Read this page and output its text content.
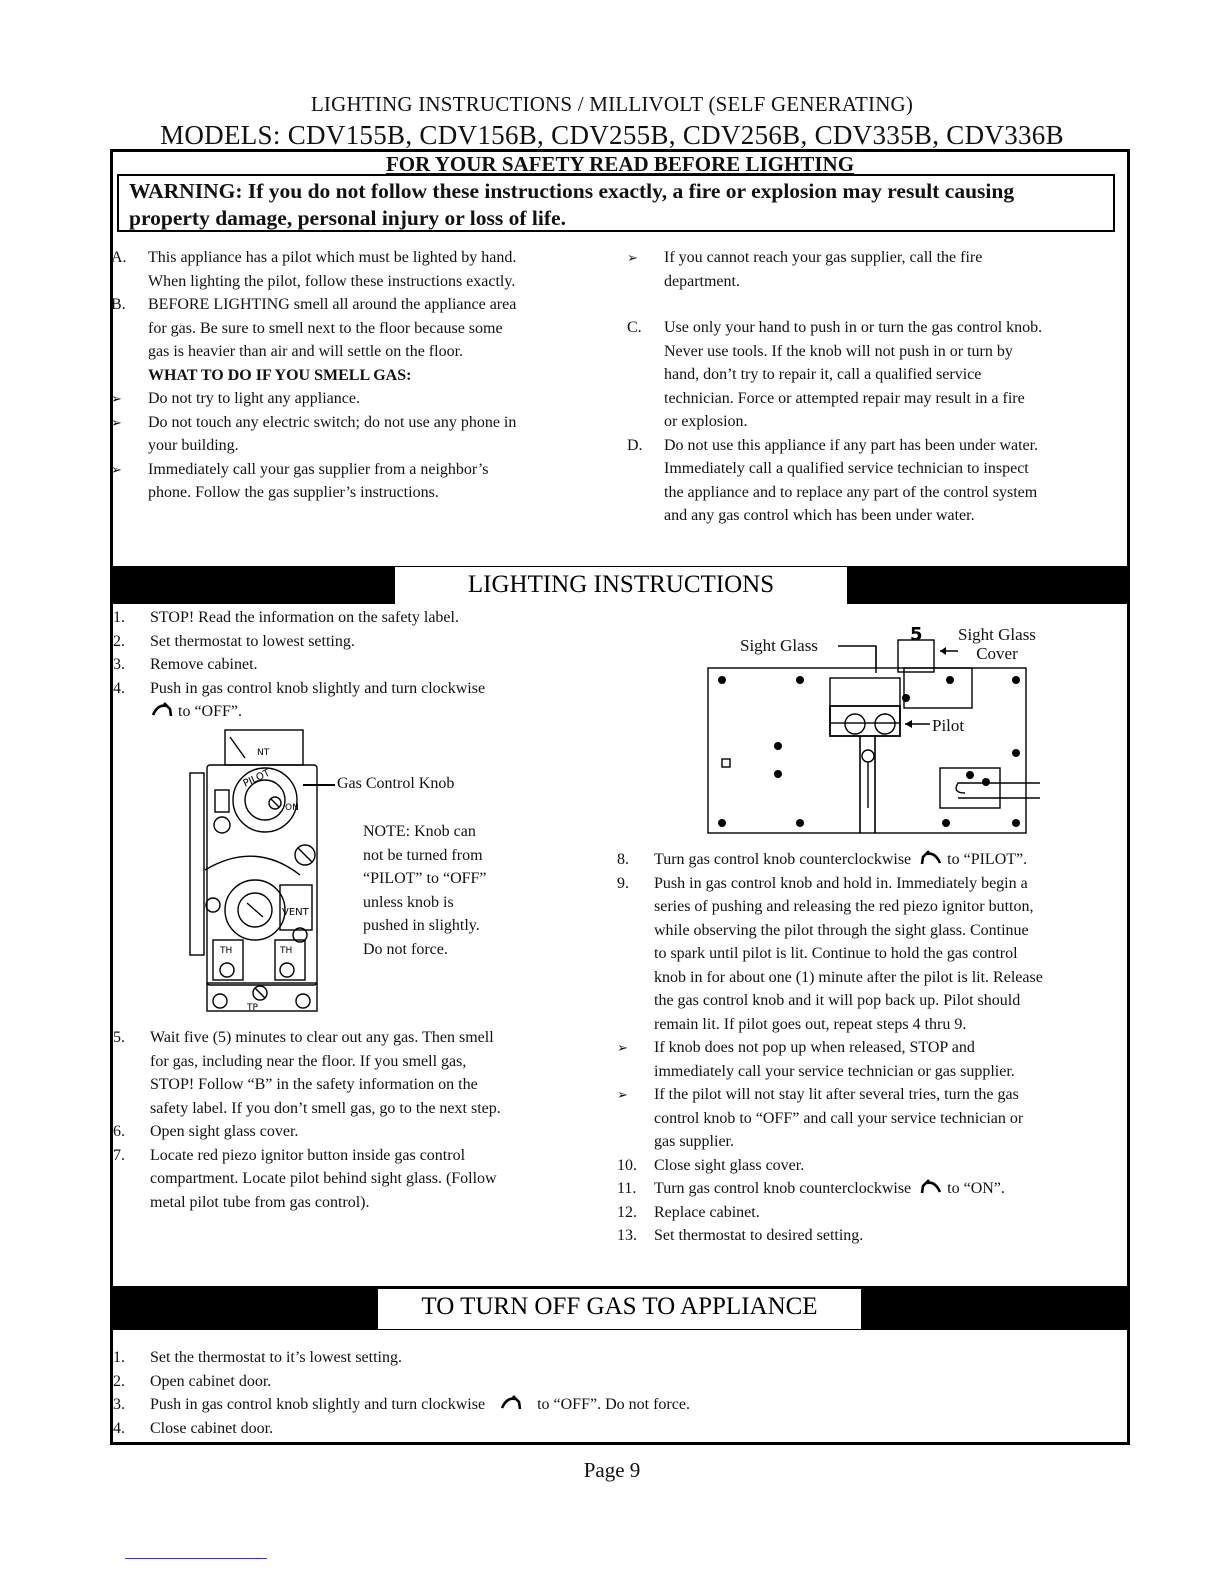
LIGHTING INSTRUCTIONS / MILLIVOLT (SELF GENERATING)
MODELS: CDV155B, CDV156B, CDV255B, CDV256B, CDV335B, CDV336B
FOR YOUR SAFETY READ BEFORE LIGHTING
WARNING: If you do not follow these instructions exactly, a fire or explosion may result causing
property damage, personal injury or loss of life.
A. This appliance has a pilot which must be lighted by hand.
When lighting the pilot, follow these instructions exactly.
B. BEFORE LIGHTING smell all around the appliance area
for gas. Be sure to smell next to the floor because some
gas is heavier than air and will settle on the floor.
WHAT TO DO IF YOU SMELL GAS:
➢ Do not try to light any appliance.
➢ Do not touch any electric switch; do not use any phone in
your building.
➢ Immediately call your gas supplier from a neighbor’s
phone. Follow the gas supplier’s instructions.
➢ If you cannot reach your gas supplier, call the fire
department.
C. Use only your hand to push in or turn the gas control knob.
Never use tools. If the knob will not push in or turn by
hand, don’t try to repair it, call a qualified service
technician. Force or attempted repair may result in a fire
or explosion.
D. Do not use this appliance if any part has been under water.
Immediately call a qualified service technician to inspect
the appliance and to replace any part of the control system
and any gas control which has been under water.
LIGHTING INSTRUCTIONS
1. STOP! Read the information on the safety label.
2. Set thermostat to lowest setting.
3. Remove cabinet.
4. Push in gas control knob slightly and turn clockwise
to “OFF”.
NT
PILOT
ON
VENT
TH	TH
TP
Gas Control Knob
NOTE: Knob can
not be turned from
“PILOT” to “OFF”
unless knob is
pushed in slightly.
Do not force.
5. Wait five (5) minutes to clear out any gas. Then smell
for gas, including near the floor. If you smell gas,
STOP! Follow “B” in the safety information on the
safety label. If you don’t smell gas, go to the next step.
6. Open sight glass cover.
7. Locate red piezo ignitor button inside gas control
compartment. Locate pilot behind sight glass. (Follow
metal pilot tube from gas control).
5
Sight Glass
Sight Glass
Cover
Pilot
8. Turn gas control knob counterclockwise to “PILOT”.
9. Push in gas control knob and hold in. Immediately begin a
series of pushing and releasing the red piezo ignitor button,
while observing the pilot through the sight glass. Continue
to spark until pilot is lit. Continue to hold the gas control
knob in for about one (1) minute after the pilot is lit. Release
the gas control knob and it will pop back up. Pilot should
remain lit. If pilot goes out, repeat steps 4 thru 9.
➢ If knob does not pop up when released, STOP and
immediately call your service technician or gas supplier.
➢ If the pilot will not stay lit after several tries, turn the gas
control knob to “OFF” and call your service technician or
gas supplier.
10. Close sight glass cover.
11. Turn gas control knob counterclockwise to “ON”.
12. Replace cabinet.
13. Set thermostat to desired setting.
TO TURN OFF GAS TO APPLIANCE
1. Set the thermostat to it’s lowest setting.
2. Open cabinet door.
3. Push in gas control knob slightly and turn clockwise	to “OFF”. Do not force.
4. Close cabinet door.
Page 9
